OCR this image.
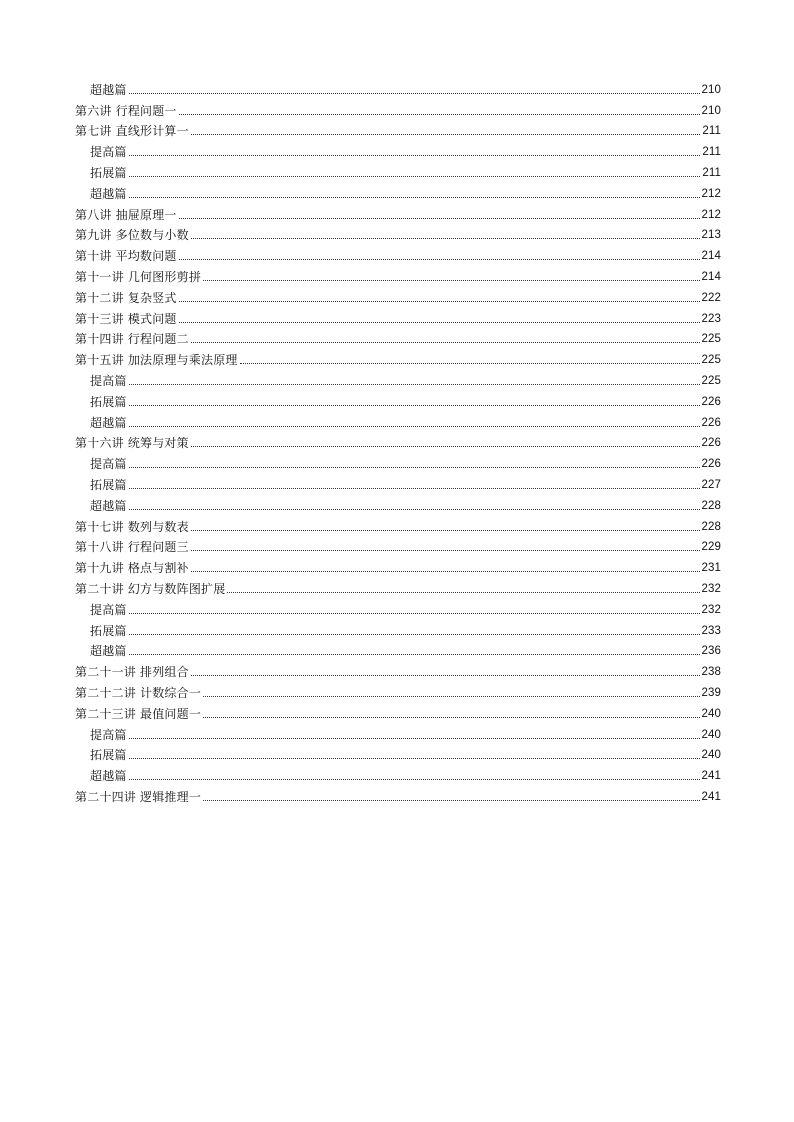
超越篇	210
第六讲 行程问题一	210
第七讲 直线形计算一	211
提高篇	211
拓展篇	211
超越篇	212
第八讲 抽屉原理一	212
第九讲 多位数与小数	213
第十讲 平均数问题	214
第十一讲 几何图形剪拼	214
第十二讲 复杂竖式	222
第十三讲 模式问题	223
第十四讲 行程问题二	225
第十五讲 加法原理与乘法原理	225
提高篇	225
拓展篇	226
超越篇	226
第十六讲 统筹与对策	226
提高篇	226
拓展篇	227
超越篇	228
第十七讲 数列与数表	228
第十八讲 行程问题三	229
第十九讲 格点与割补	231
第二十讲 幻方与数阵图扩展	232
提高篇	232
拓展篇	233
超越篇	236
第二十一讲 排列组合	238
第二十二讲 计数综合一	239
第二十三讲 最值问题一	240
提高篇	240
拓展篇	240
超越篇	241
第二十四讲 逻辑推理一	241
